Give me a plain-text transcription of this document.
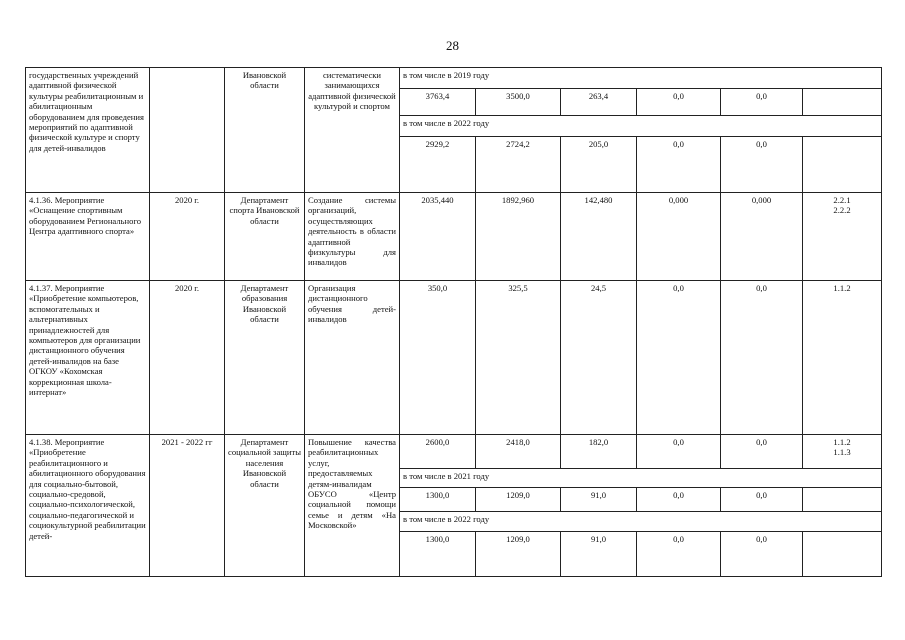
28
государственных учреждений адаптивной физической культуры реабилитационным и абилитационным оборудованием для проведения мероприятий по адаптивной физической культуре и спорту для детей-инвалидов		Ивановской области	систематически занимающихся адаптивной физической культурой и спортом	в том числе в 2019 году					
				3763,4	3500,0	263,4	0,0	0,0	
				в том числе в 2022 году					
				2929,2	2724,2	205,0	0,0	0,0	
4.1.36. Мероприятие «Оснащение спортивным оборудованием Регионального Центра адаптивного спорта»	2020 г.	Департамент спорта Ивановской области	Создание системы организаций, осуществляющих деятельность в области адаптивной физкультуры для инвалидов	2035,440	1892,960	142,480	0,000	0,000	2.2.1
2.2.2
4.1.37. Мероприятие «Приобретение компьютеров, вспомогательных и альтернативных принадлежностей для компьютеров для организации дистанционного обучения детей-инвалидов на базе ОГКОУ «Кохомская коррекционная школа-интернат»	2020 г.	Департамент образования Ивановской области	Организация дистанционного обучения детей-инвалидов	350,0	325,5	24,5	0,0	0,0	1.1.2
4.1.38. Мероприятие «Приобретение реабилитационного и абилитационного оборудования для социально-бытовой, социально-средовой, социально-психологической, социально-педагогической и социокультурной реабилитации детей-	2021 - 2022 гг	Департамент социальной защиты населения Ивановской области	Повышение качества реабилитационных услуг, предоставляемых детям-инвалидам ОБУСО «Центр социальной помощи семье и детям «На Московской»	2600,0	2418,0	182,0	0,0	0,0	1.1.2
1.1.3
				в том числе в 2021 году					
				1300,0	1209,0	91,0	0,0	0,0	
				в том числе в 2022 году					
				1300,0	1209,0	91,0	0,0	0,0	
